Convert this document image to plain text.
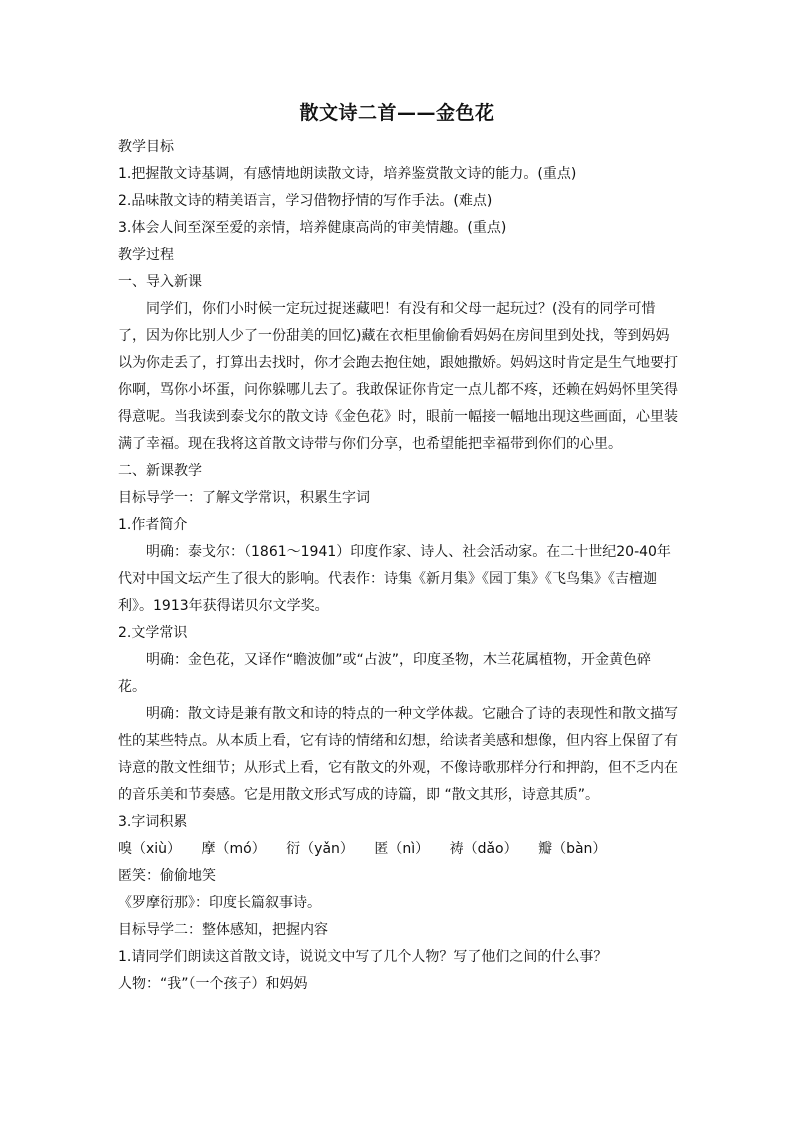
散文诗二首——金色花

教学目标

1.把握散文诗基调，有感情地朗读散文诗，培养鉴赏散文诗的能力。(重点)

2.品味散文诗的精美语言，学习借物抒情的写作手法。(难点)

3.体会人间至深至爱的亲情，培养健康高尚的审美情趣。(重点)

教学过程

一、导入新课

同学们，你们小时候一定玩过捉迷藏吧！有没有和父母一起玩过？(没有的同学可惜了，因为你比别人少了一份甜美的回忆)藏在衣柜里偷偷看妈妈在房间里到处找，等到妈妈以为你走丢了，打算出去找时，你才会跑去抱住她，跟她撒娇。妈妈这时肯定是生气地要打你啊，骂你小坏蛋，问你躲哪儿去了。我敢保证你肯定一点儿都不疼，还赖在妈妈怀里笑得得意呢。当我读到泰戈尔的散文诗《金色花》时，眼前一幅接一幅地出现这些画面，心里装满了幸福。现在我将这首散文诗带与你们分享，也希望能把幸福带到你们的心里。

二、新课教学

目标导学一：了解文学常识，积累生字词

1.作者简介

明确：泰戈尔：（1861～1941）印度作家、诗人、社会活动家。在二十世纪20-40年代对中国文坛产生了很大的影响。代表作：诗集《新月集》《园丁集》《飞鸟集》《吉檀迦利》。1913年获得诺贝尔文学奖。

2.文学常识

明确：金色花，又译作“瞻波伽”或“占波”，印度圣物，木兰花属植物，开金黄色碎花。

明确：散文诗是兼有散文和诗的特点的一种文学体裁。它融合了诗的表现性和散文描写性的某些特点。从本质上看，它有诗的情绪和幻想，给读者美感和想像，但内容上保留了有诗意的散文性细节；从形式上看，它有散文的外观，不像诗歌那样分行和押韵，但不乏内在的音乐美和节奏感。它是用散文形式写成的诗篇，即 “散文其形，诗意其质”。

3.字词积累

嗅（xiù） 摩（mó） 衍（yǎn） 匿（nì） 祷（dǎo） 瓣（bàn）

匿笑：偷偷地笑

《罗摩衍那》：印度长篇叙事诗。

目标导学二：整体感知，把握内容

1.请同学们朗读这首散文诗，说说文中写了几个人物？写了他们之间的什么事？

人物：“我”（一个孩子）和妈妈
